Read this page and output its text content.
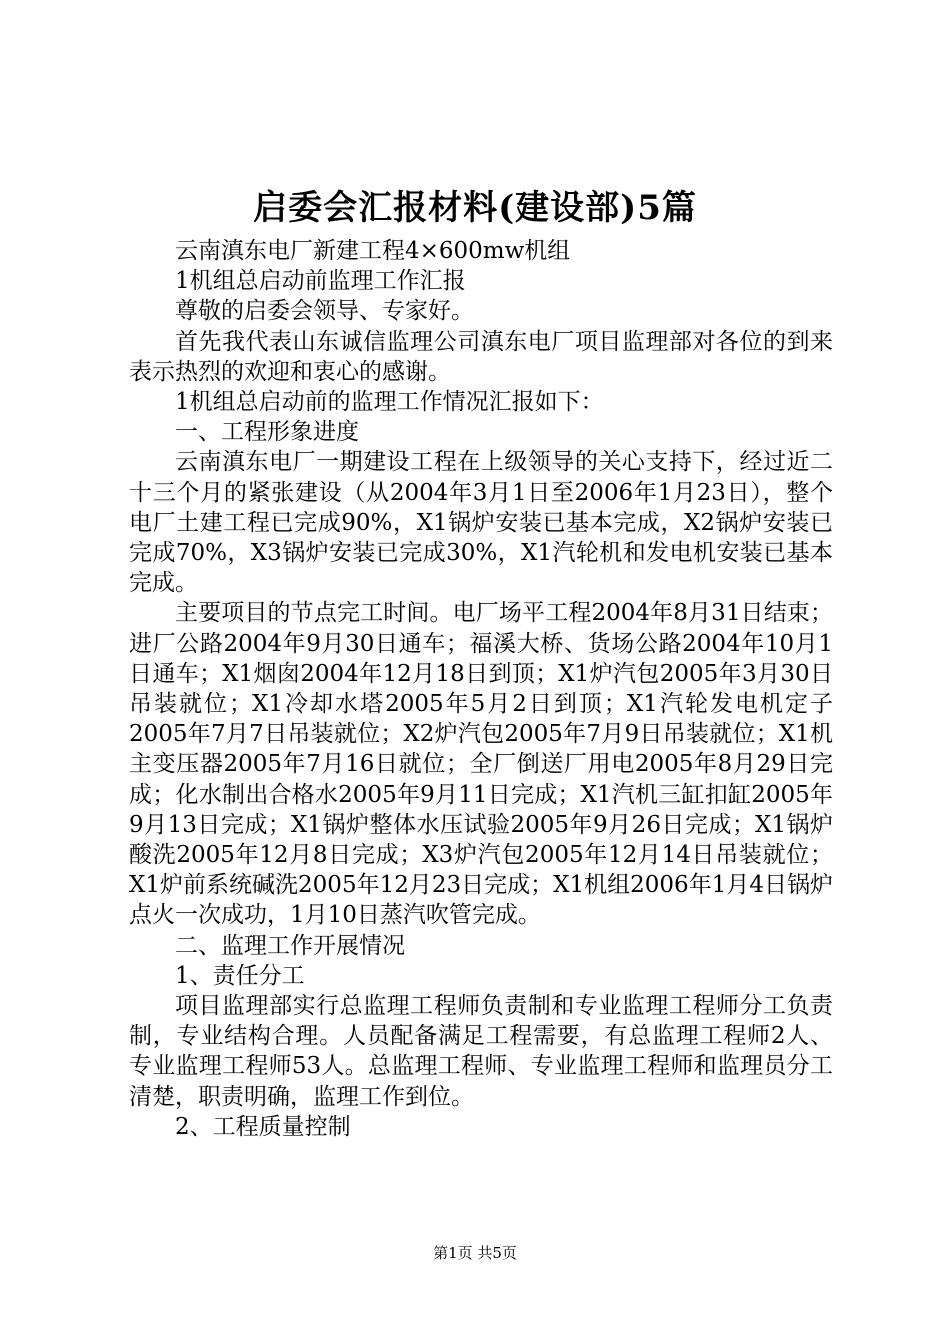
启委会汇报材料(建设部)5篇

云南滇东电厂新建工程4×600mw机组

1机组总启动前监理工作汇报

尊敬的启委会领导、专家好。

首先我代表山东诚信监理公司滇东电厂项目监理部对各位的到来表示热烈的欢迎和衷心的感谢。

1机组总启动前的监理工作情况汇报如下：

一、工程形象进度

云南滇东电厂一期建设工程在上级领导的关心支持下，经过近二十三个月的紧张建设（从2004年3月1日至2006年1月23日），整个电厂土建工程已完成90%，X1锅炉安装已基本完成，X2锅炉安装已完成70%，X3锅炉安装已完成30%，X1汽轮机和发电机安装已基本完成。

主要项目的节点完工时间。电厂场平工程2004年8月31日结束；进厂公路2004年9月30日通车；福溪大桥、货场公路2004年10月1日通车；X1烟囱2004年12月18日到顶；X1炉汽包2005年3月30日吊装就位；X1冷却水塔2005年5月2日到顶；X1汽轮发电机定子2005年7月7日吊装就位；X2炉汽包2005年7月9日吊装就位；X1机主变压器2005年7月16日就位；全厂倒送厂用电2005年8月29日完成；化水制出合格水2005年9月11日完成；X1汽机三缸扣缸2005年9月13日完成；X1锅炉整体水压试验2005年9月26日完成；X1锅炉酸洗2005年12月8日完成；X3炉汽包2005年12月14日吊装就位；X1炉前系统碱洗2005年12月23日完成；X1机组2006年1月4日锅炉点火一次成功，1月10日蒸汽吹管完成。

二、监理工作开展情况

1、责任分工

项目监理部实行总监理工程师负责制和专业监理工程师分工负责制，专业结构合理。人员配备满足工程需要，有总监理工程师2人、专业监理工程师53人。总监理工程师、专业监理工程师和监理员分工清楚，职责明确，监理工作到位。

2、工程质量控制

第1页 共5页
